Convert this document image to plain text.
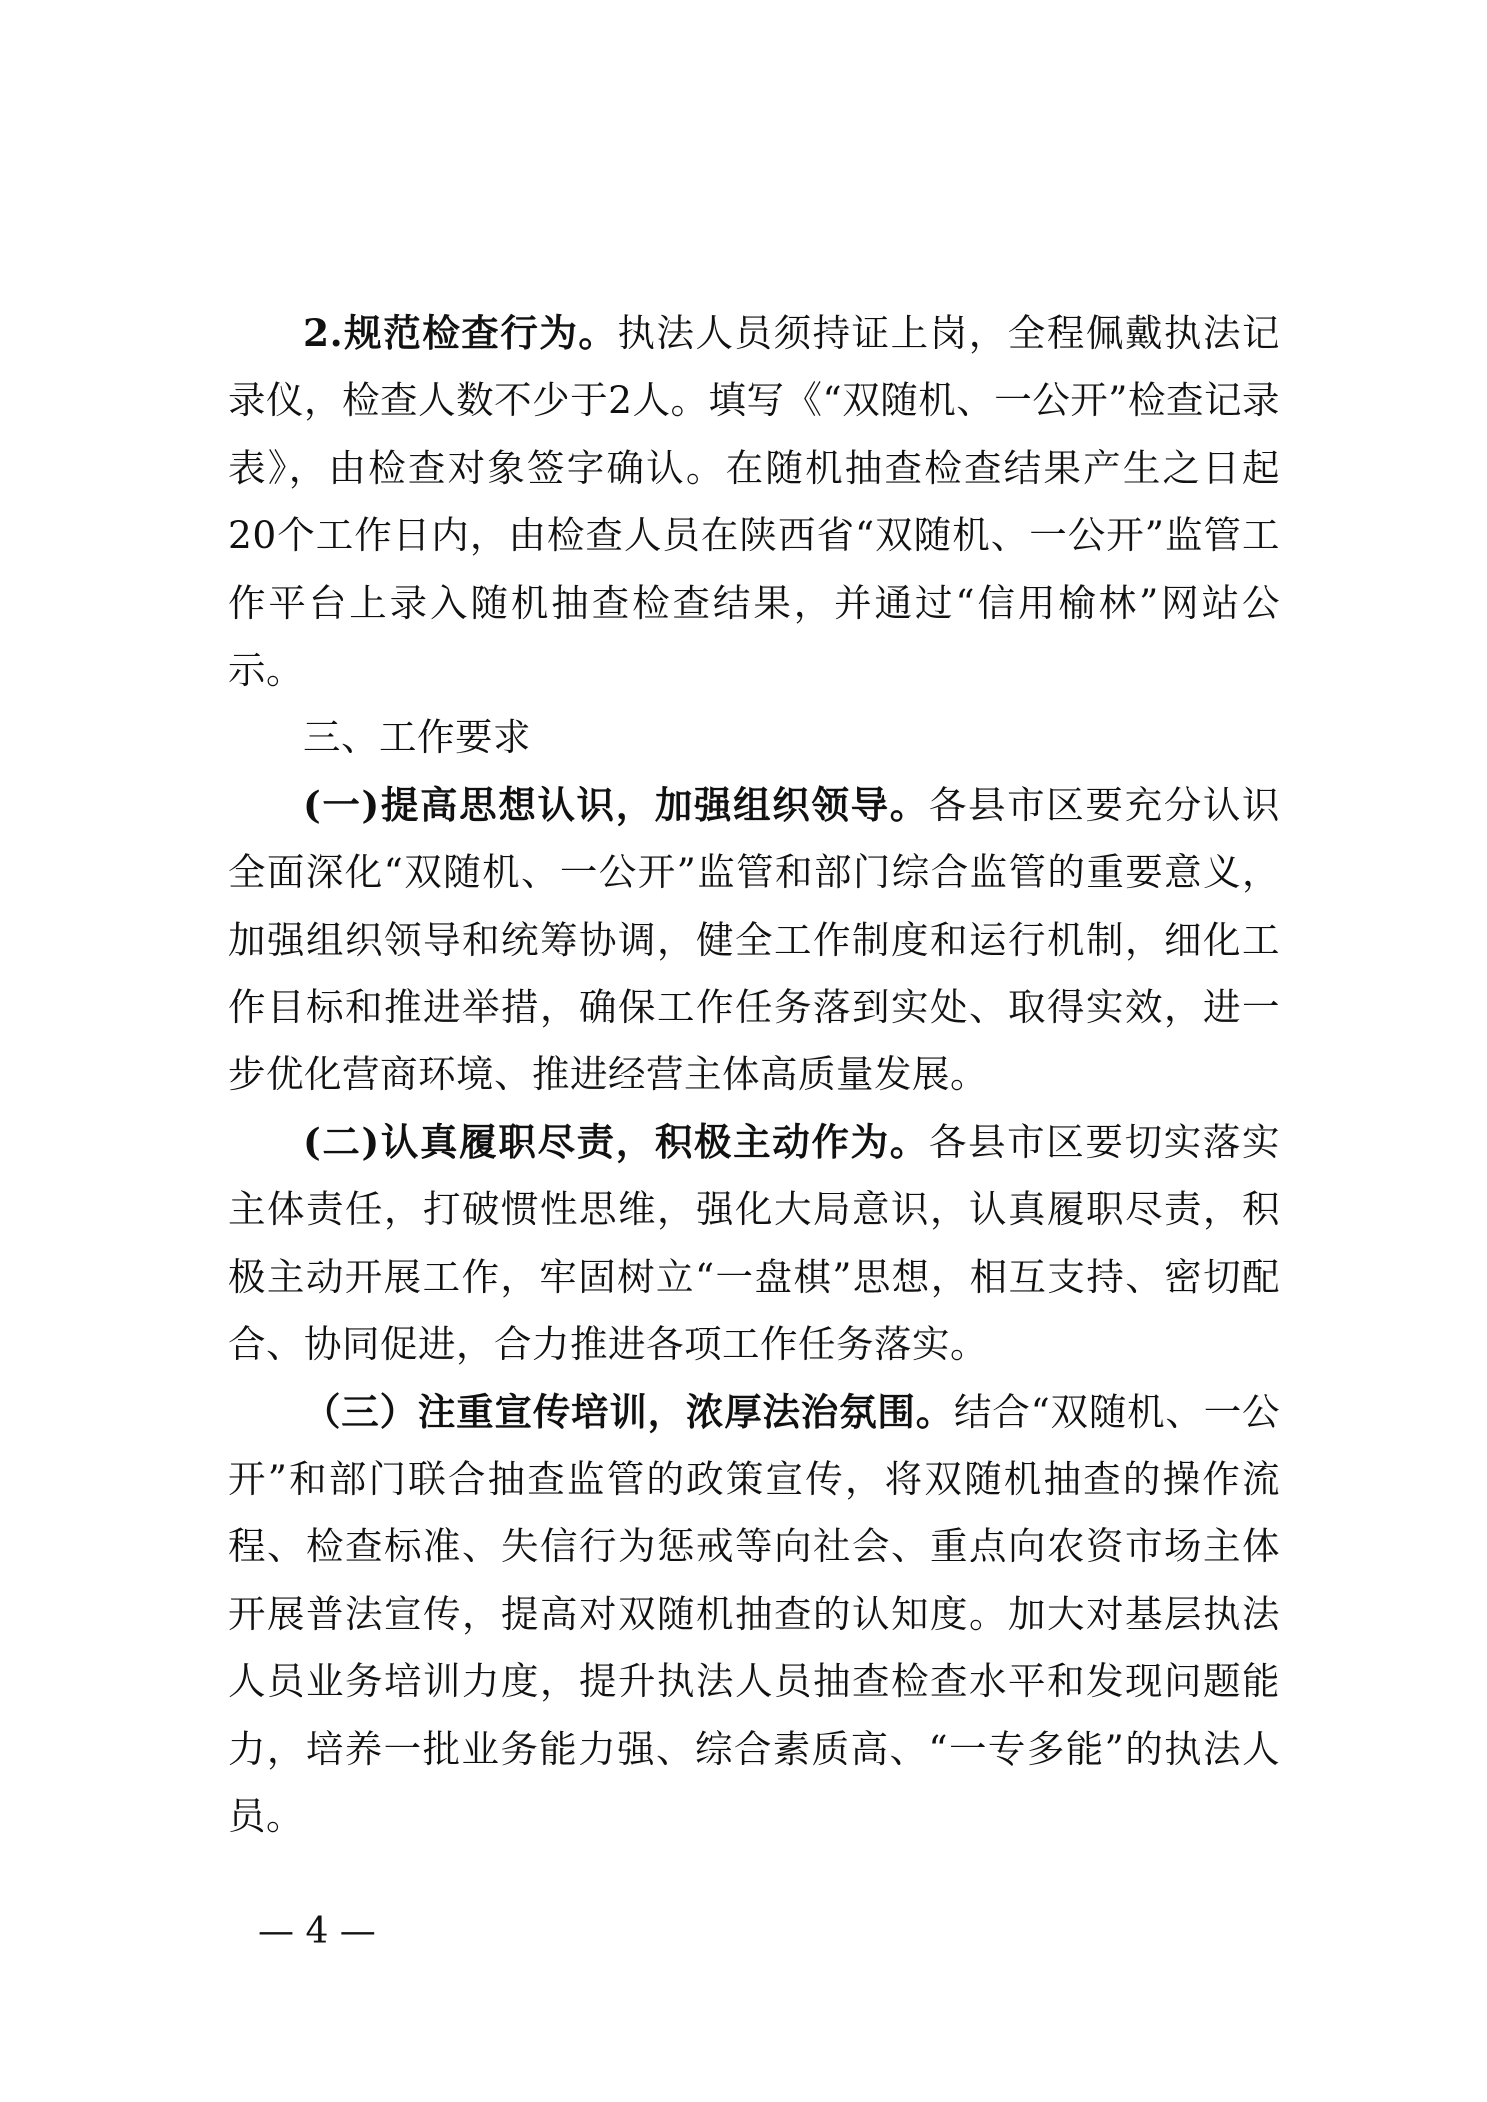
2.规范检查行为。执法人员须持证上岗，全程佩戴执法记录仪，检查人数不少于2人。填写《“双随机、一公开”检查记录表》，由检查对象签字确认。在随机抽查检查结果产生之日起20个工作日内，由检查人员在陕西省“双随机、一公开”监管工作平台上录入随机抽查检查结果，并通过“信用榆林”网站公示。

三、工作要求

(一)提高思想认识，加强组织领导。各县市区要充分认识全面深化“双随机、一公开”监管和部门综合监管的重要意义，加强组织领导和统筹协调，健全工作制度和运行机制，细化工作目标和推进举措，确保工作任务落到实处、取得实效，进一步优化营商环境、推进经营主体高质量发展。

(二)认真履职尽责，积极主动作为。各县市区要切实落实主体责任，打破惯性思维，强化大局意识，认真履职尽责，积极主动开展工作，牢固树立“一盘棋”思想，相互支持、密切配合、协同促进，合力推进各项工作任务落实。

（三）注重宣传培训，浓厚法治氛围。结合“双随机、一公开”和部门联合抽查监管的政策宣传，将双随机抽查的操作流程、检查标准、失信行为惩戒等向社会、重点向农资市场主体开展普法宣传，提高对双随机抽查的认知度。加大对基层执法人员业务培训力度，提升执法人员抽查检查水平和发现问题能力，培养一批业务能力强、综合素质高、“一专多能”的执法人员。

— 4 —
